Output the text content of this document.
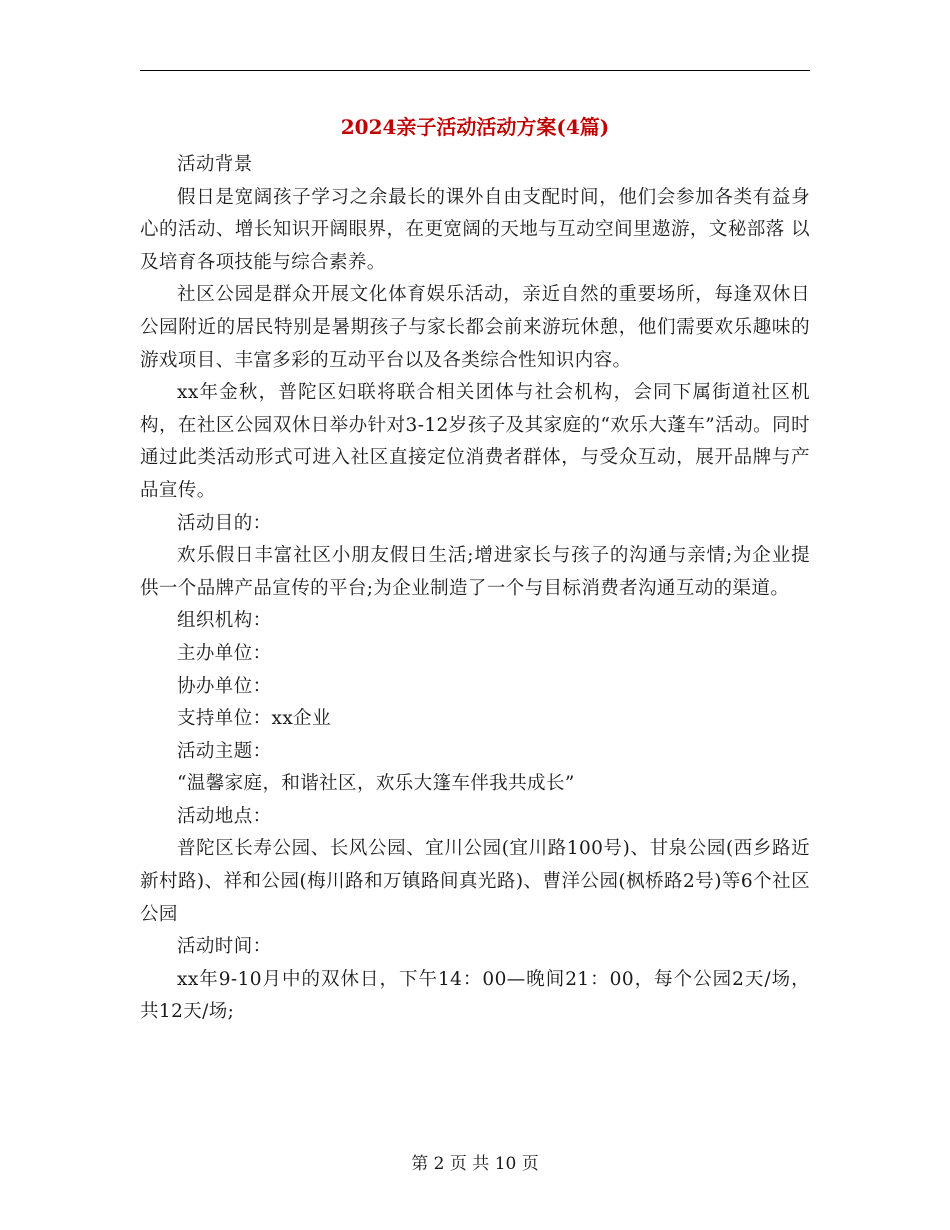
2024亲子活动活动方案(4篇)

活动背景

假日是宽阔孩子学习之余最长的课外自由支配时间，他们会参加各类有益身心的活动、增长知识开阔眼界，在更宽阔的天地与互动空间里遨游，文秘部落 以及培育各项技能与综合素养。

社区公园是群众开展文化体育娱乐活动，亲近自然的重要场所，每逢双休日公园附近的居民特别是暑期孩子与家长都会前来游玩休憩，他们需要欢乐趣味的游戏项目、丰富多彩的互动平台以及各类综合性知识内容。

xx年金秋，普陀区妇联将联合相关团体与社会机构，会同下属街道社区机构，在社区公园双休日举办针对3-12岁孩子及其家庭的“欢乐大蓬车”活动。同时通过此类活动形式可进入社区直接定位消费者群体，与受众互动，展开品牌与产品宣传。

活动目的：

欢乐假日丰富社区小朋友假日生活;增进家长与孩子的沟通与亲情;为企业提供一个品牌产品宣传的平台;为企业制造了一个与目标消费者沟通互动的渠道。

组织机构：

主办单位：

协办单位：

支持单位：xx企业

活动主题：

“温馨家庭，和谐社区，欢乐大篷车伴我共成长”

活动地点：

普陀区长寿公园、长风公园、宜川公园(宜川路100号)、甘泉公园(西乡路近新村路)、祥和公园(梅川路和万镇路间真光路)、曹洋公园(枫桥路2号)等6个社区公园

活动时间：

xx年9-10月中的双休日，下午14：00—晚间21：00，每个公园2天/场，共12天/场;

第 2 页 共 10 页
